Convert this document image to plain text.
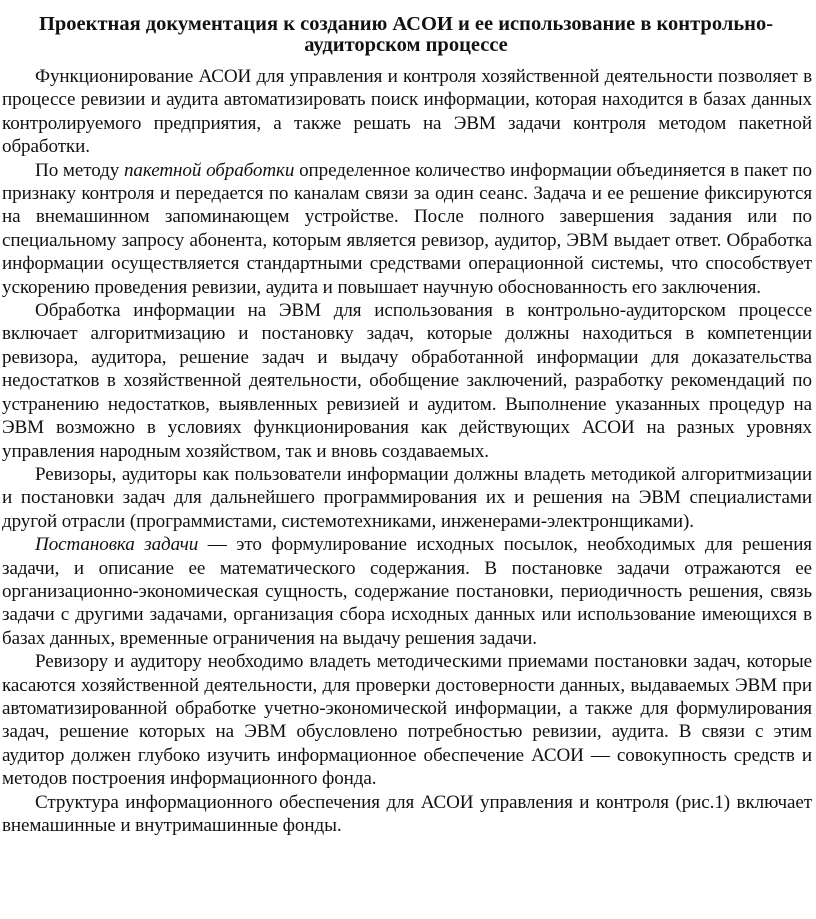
Проектная документация к созданию АСОИ и ее использование в контрольно-аудиторском процессе

Функционирование АСОИ для управления и контроля хозяйственной деятельности позволяет в процессе ревизии и аудита автоматизировать поиск информации, которая находится в базах данных контролируемого предприятия, а также решать на ЭВМ задачи контроля методом пакетной обработки.

По методу пакетной обработки определенное количество информации объединяется в пакет по признаку контроля и передается по каналам связи за один сеанс. Задача и ее решение фиксируются на внемашинном запоминающем устройстве. После полного завершения задания или по специальному запросу абонента, которым является ревизор, аудитор, ЭВМ выдает ответ. Обработка информации осуществляется стандартными средствами операционной системы, что способствует ускорению проведения ревизии, аудита и повышает научную обоснованность его заключения.

Обработка информации на ЭВМ для использования в контрольно-аудиторском процессе включает алгоритмизацию и постановку задач, которые должны находиться в компетенции ревизора, аудитора, решение задач и выдачу обработанной информации для доказательства недостатков в хозяйственной деятельности, обобщение заключений, разработку рекомендаций по устранению недостатков, выявленных ревизией и аудитом. Выполнение указанных процедур на ЭВМ возможно в условиях функционирования как действующих АСОИ на разных уровнях управления народным хозяйством, так и вновь создаваемых.

Ревизоры, аудиторы как пользователи информации должны владеть методикой алгоритмизации и постановки задач для дальнейшего программирования их и решения на ЭВМ специалистами другой отрасли (программистами, системотехниками, инженерами-электронщиками).

Постановка задачи — это формулирование исходных посылок, необходимых для решения задачи, и описание ее математического содержания. В постановке задачи отражаются ее организационно-экономическая сущность, содержание постановки, периодичность решения, связь задачи с другими задачами, организация сбора исходных данных или использование имеющихся в базах данных, временные ограничения на выдачу решения задачи.

Ревизору и аудитору необходимо владеть методическими приемами постановки задач, которые касаются хозяйственной деятельности, для проверки достоверности данных, выдаваемых ЭВМ при автоматизированной обработке учетно-экономической информации, а также для формулирования задач, решение которых на ЭВМ обусловлено потребностью ревизии, аудита. В связи с этим аудитор должен глубоко изучить информационное обеспечение АСОИ — совокупность средств и методов построения информационного фонда.

Структура информационного обеспечения для АСОИ управления и контроля (рис.1) включает внемашинные и внутримашинные фонды.
